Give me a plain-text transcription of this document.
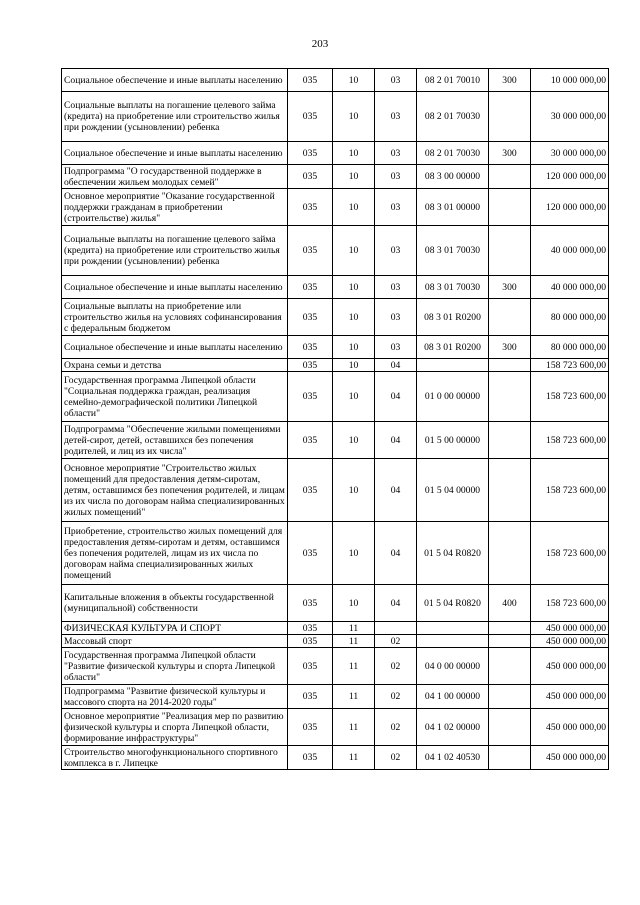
203
Социальное обеспечение и иные выплаты населению	035	10	03	08 2 01 70010	300	10 000 000,00
Социальные выплаты на погашение целевого займа (кредита) на приобретение или строительство жилья при рождении (усыновлении) ребенка	035	10	03	08 2 01 70030		30 000 000,00
Социальное обеспечение и иные выплаты населению	035	10	03	08 2 01 70030	300	30 000 000,00
Подпрограмма "О государственной поддержке в обеспечении жильем молодых семей"	035	10	03	08 3 00 00000		120 000 000,00
Основное мероприятие "Оказание государственной поддержки гражданам в приобретении (строительстве) жилья"	035	10	03	08 3 01 00000		120 000 000,00
Социальные выплаты на погашение целевого займа (кредита) на приобретение или строительство жилья при рождении (усыновлении) ребенка	035	10	03	08 3 01 70030		40 000 000,00
Социальное обеспечение и иные выплаты населению	035	10	03	08 3 01 70030	300	40 000 000,00
Социальные выплаты на приобретение или строительство жилья на условиях софинансирования с федеральным бюджетом	035	10	03	08 3 01 R0200		80 000 000,00
Социальное обеспечение и иные выплаты населению	035	10	03	08 3 01 R0200	300	80 000 000,00
Охрана семьи и детства	035	10	04			158 723 600,00
Государственная программа Липецкой области "Социальная поддержка граждан, реализация семейно-демографической политики Липецкой области"	035	10	04	01 0 00 00000		158 723 600,00
Подпрограмма "Обеспечение жилыми помещениями детей-сирот, детей, оставшихся без попечения родителей, и лиц из их числа"	035	10	04	01 5 00 00000		158 723 600,00
Основное мероприятие "Строительство жилых помещений для предоставления детям-сиротам, детям, оставшимся без попечения родителей, и лицам из их числа по договорам найма специализированных жилых помещений"	035	10	04	01 5 04 00000		158 723 600,00
Приобретение, строительство жилых помещений для предоставления детям-сиротам и детям, оставшимся без попечения родителей, лицам из их числа по договорам найма специализированных жилых помещений	035	10	04	01 5 04 R0820		158 723 600,00
Капитальные вложения в объекты государственной (муниципальной) собственности	035	10	04	01 5 04 R0820	400	158 723 600,00
ФИЗИЧЕСКАЯ КУЛЬТУРА И СПОРТ	035	11				450 000 000,00
Массовый спорт	035	11	02			450 000 000,00
Государственная программа Липецкой области "Развитие физической культуры и спорта Липецкой области"	035	11	02	04 0 00 00000		450 000 000,00
Подпрограмма "Развитие физической культуры и массового спорта на 2014-2020 годы"	035	11	02	04 1 00 00000		450 000 000,00
Основное мероприятие "Реализация мер по развитию физической культуры и спорта Липецкой области, формирование инфраструктуры"	035	11	02	04 1 02 00000		450 000 000,00
Строительство многофункционального спортивного комплекса в г. Липецке	035	11	02	04 1 02 40530		450 000 000,00
